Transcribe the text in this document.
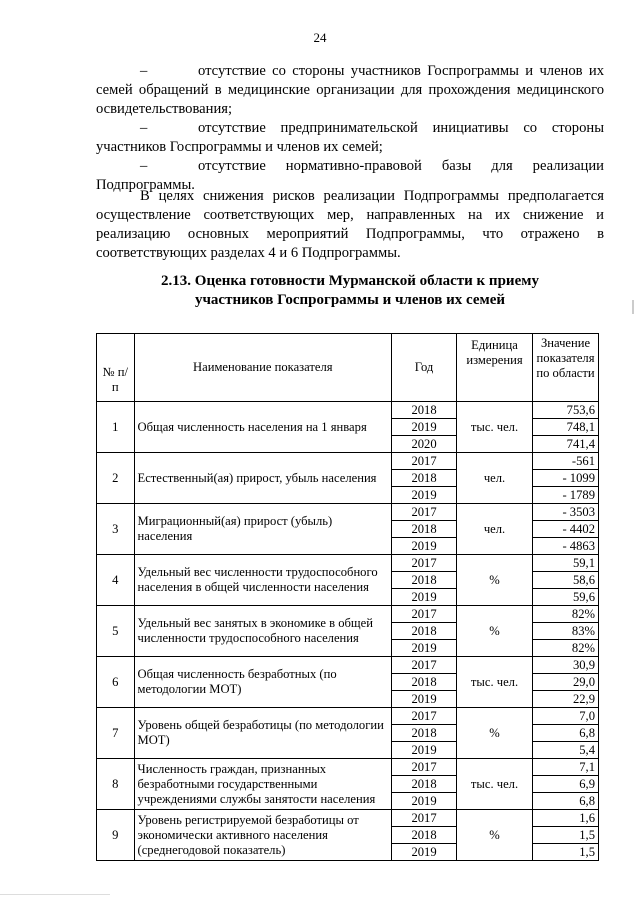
24

–	отсутствие со стороны участников Госпрограммы и членов их семей обращений в медицинские организации для прохождения медицинского освидетельствования;

–	отсутствие предпринимательской инициативы со стороны участников Госпрограммы и членов их семей;

–	отсутствие нормативно-правовой базы для реализации Подпрограммы.

В целях снижения рисков реализации Подпрограммы предполагается осуществление соответствующих мер, направленных на их снижение и реализацию основных мероприятий Подпрограммы, что отражено в соответствующих разделах 4 и 6 Подпрограммы.

2.13. Оценка готовности Мурманской области к приему
участников Госпрограммы и членов их семей
№ п/п	Наименование показателя	Год	Единица измерения	Значение показателя по области
1	Общая численность населения на 1 января	2018	тыс. чел.	753,6
		2019		748,1
		2020		741,4
2	Естественный(ая) прирост, убыль населения	2017	чел.	-561
		2018		- 1099
		2019		- 1789
3	Миграционный(ая) прирост (убыль) населения	2017	чел.	- 3503
		2018		- 4402
		2019		- 4863
4	Удельный вес численности трудоспособного населения в общей численности населения	2017	%	59,1
		2018		58,6
		2019		59,6
5	Удельный вес занятых в экономике в общей численности трудоспособного населения	2017	%	82%
		2018		83%
		2019		82%
6	Общая численность безработных (по методологии МОТ)	2017	тыс. чел.	30,9
		2018		29,0
		2019		22,9
7	Уровень общей безработицы (по методологии МОТ)	2017	%	7,0
		2018		6,8
		2019		5,4
8	Численность граждан, признанных безработными государственными учреждениями службы занятости населения	2017	тыс. чел.	7,1
		2018		6,9
		2019		6,8
9	Уровень регистрируемой безработицы от экономически активного населения (среднегодовой показатель)	2017	%	1,6
		2018		1,5
		2019		1,5
